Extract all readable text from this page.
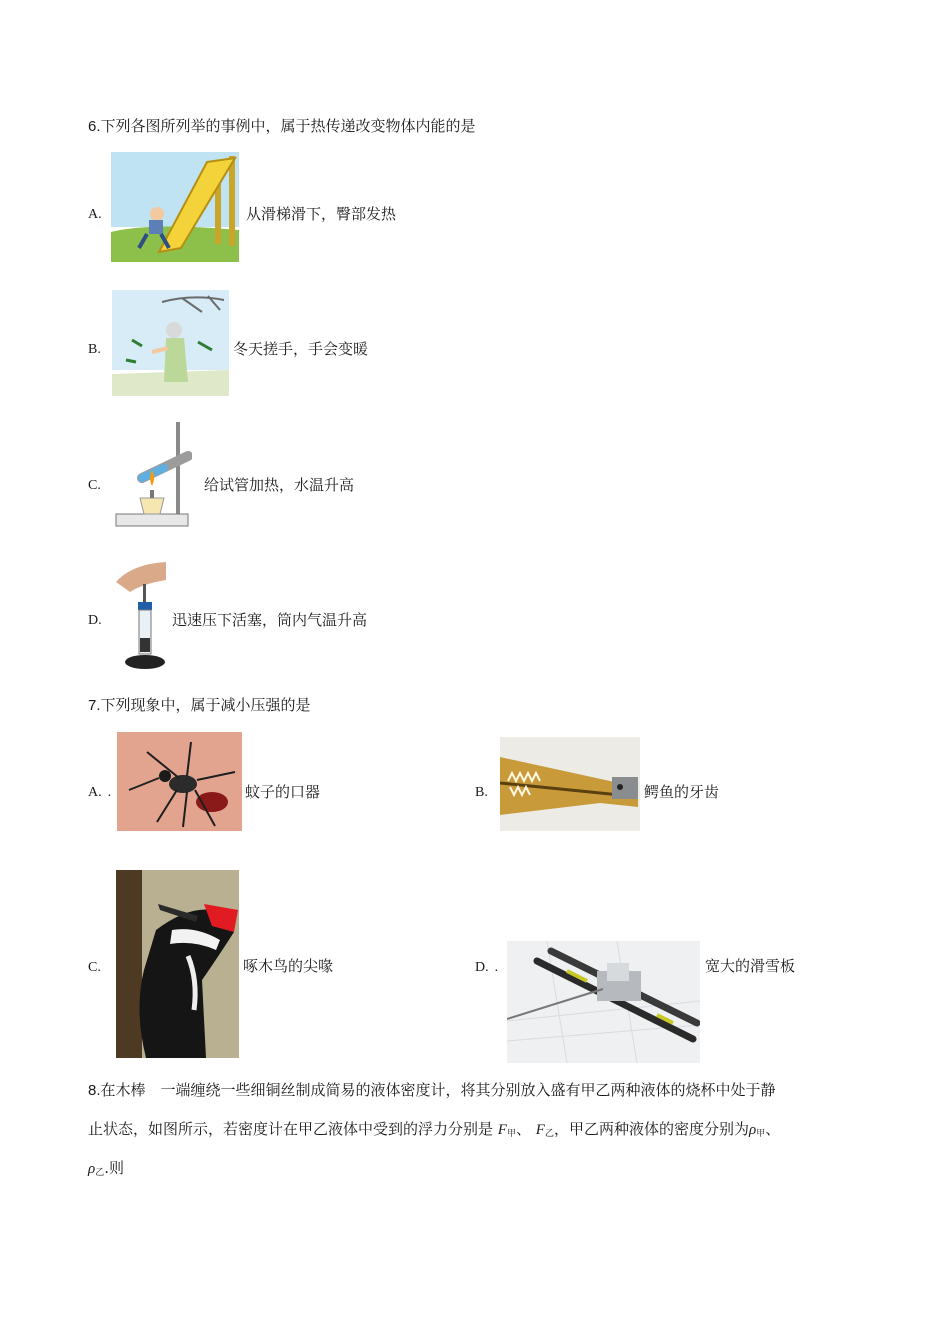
6.下列各图所列举的事例中，属于热传递改变物体内能的是
A.	从滑梯滑下，臀部发热
B.	冬天搓手，手会变暖
C.	给试管加热，水温升高
D.	迅速压下活塞，筒内气温升高
7.下列现象中，属于减小压强的是
A. .	蚊子的口器	B.	鳄鱼的牙齿
C.	啄木鸟的尖喙	D. .	宽大的滑雪板
8.在木棒　一端缠绕一些细铜丝制成简易的液体密度计，将其分别放入盛有甲乙两种液体的烧杯中处于静
止状态，如图所示，若密度计在甲乙液体中受到的浮力分别是 $F_甲$、 $F_乙$，甲乙两种液体的密度分别为$\rho_甲$、
$\rho_乙$.则
